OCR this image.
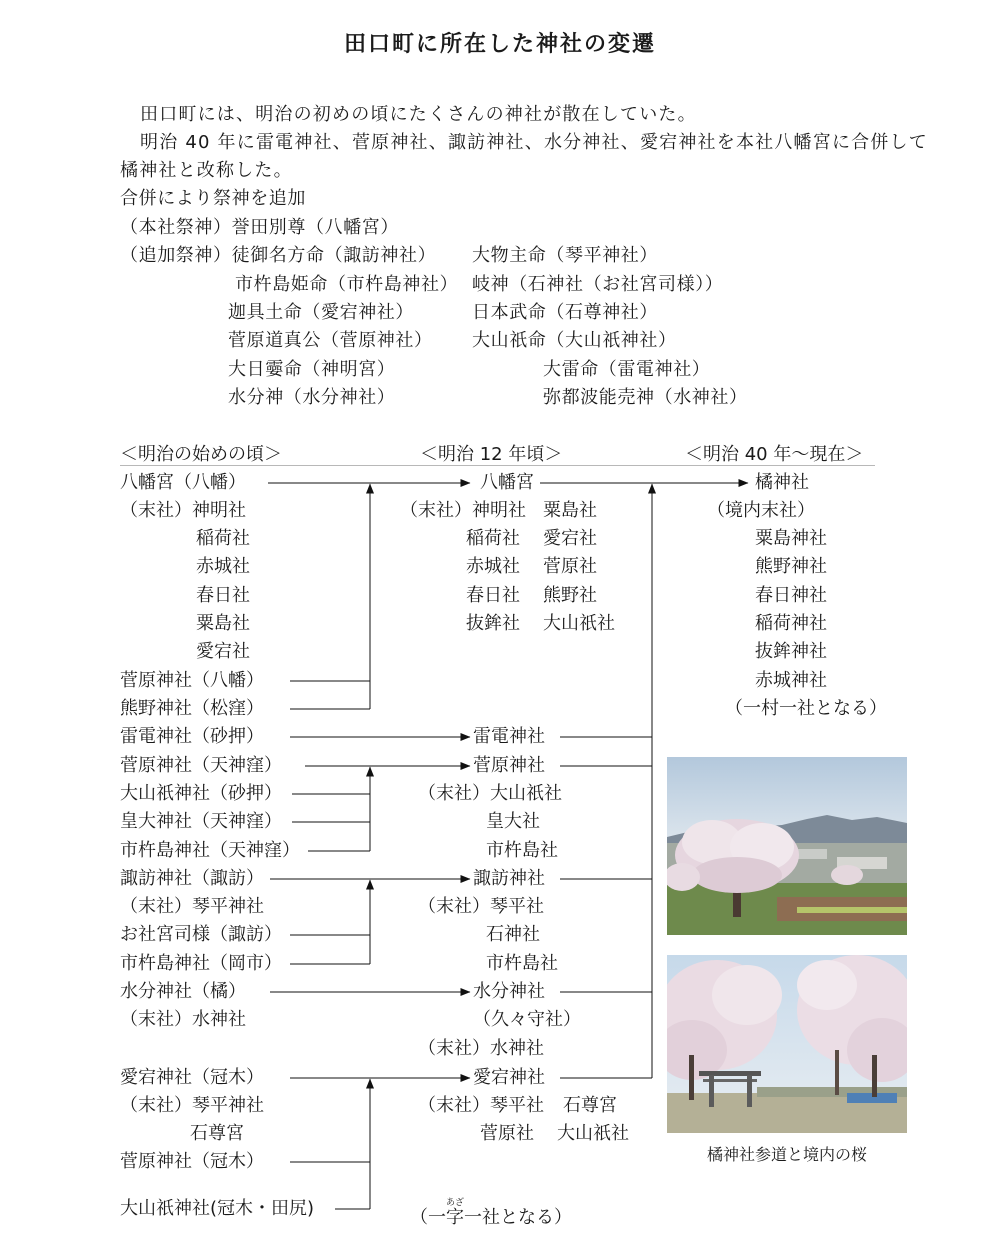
田口町に所在した神社の変遷
田口町には、明治の初めの頃にたくさんの神社が散在していた。
明治 40 年に雷電神社、菅原神社、諏訪神社、水分神社、愛宕神社を本社八幡宮に合併して
橘神社と改称した。
合併により祭神を追加
（本社祭神）誉田別尊（八幡宮）
（追加祭神）徒御名方命（諏訪神社）
市杵島姫命（市杵島神社）
迦具土命（愛宕神社）
菅原道真公（菅原神社）
大日孁命（神明宮）
水分神（水分神社）
大物主命（琴平神社）
岐神（石神社（お社宮司様））
日本武命（石尊神社）
大山祇命（大山祇神社）
大雷命（雷電神社）
弥都波能売神（水神社）
＜明治の始めの頃＞	＜明治 12 年頃＞	＜明治 40 年～現在＞
八幡宮（八幡）
（末社）神明社
稲荷社
赤城社
春日社
粟島社
愛宕社
菅原神社（八幡）
熊野神社（松窪）
雷電神社（砂押）
菅原神社（天神窪）
大山祇神社（砂押）
皇大神社（天神窪）
市杵島神社（天神窪）
諏訪神社（諏訪）
（末社）琴平神社
お社宮司様（諏訪）
市杵島神社（岡市）
水分神社（橘）
（末社）水神社
愛宕神社（冠木）
（末社）琴平神社
石尊宮
菅原神社（冠木）
大山祇神社(冠木・田尻)
八幡宮
（末社）神明社 粟島社
稲荷社 愛宕社
赤城社 菅原社
春日社 熊野社
抜鉾社 大山祇社
雷電神社
菅原神社
（末社）大山祇社
皇大社
市杵島社
諏訪神社
（末社）琴平社
石神社
市杵島社
水分神社
（久々守社）
（末社）水神社
愛宕神社
（末社）琴平社 石尊宮
菅原社 大山祇社
（一字あざ一社となる）
橘神社
（境内末社）
粟島神社
熊野神社
春日神社
稲荷神社
抜鉾神社
赤城神社
（一村一社となる）
橘神社参道と境内の桜
